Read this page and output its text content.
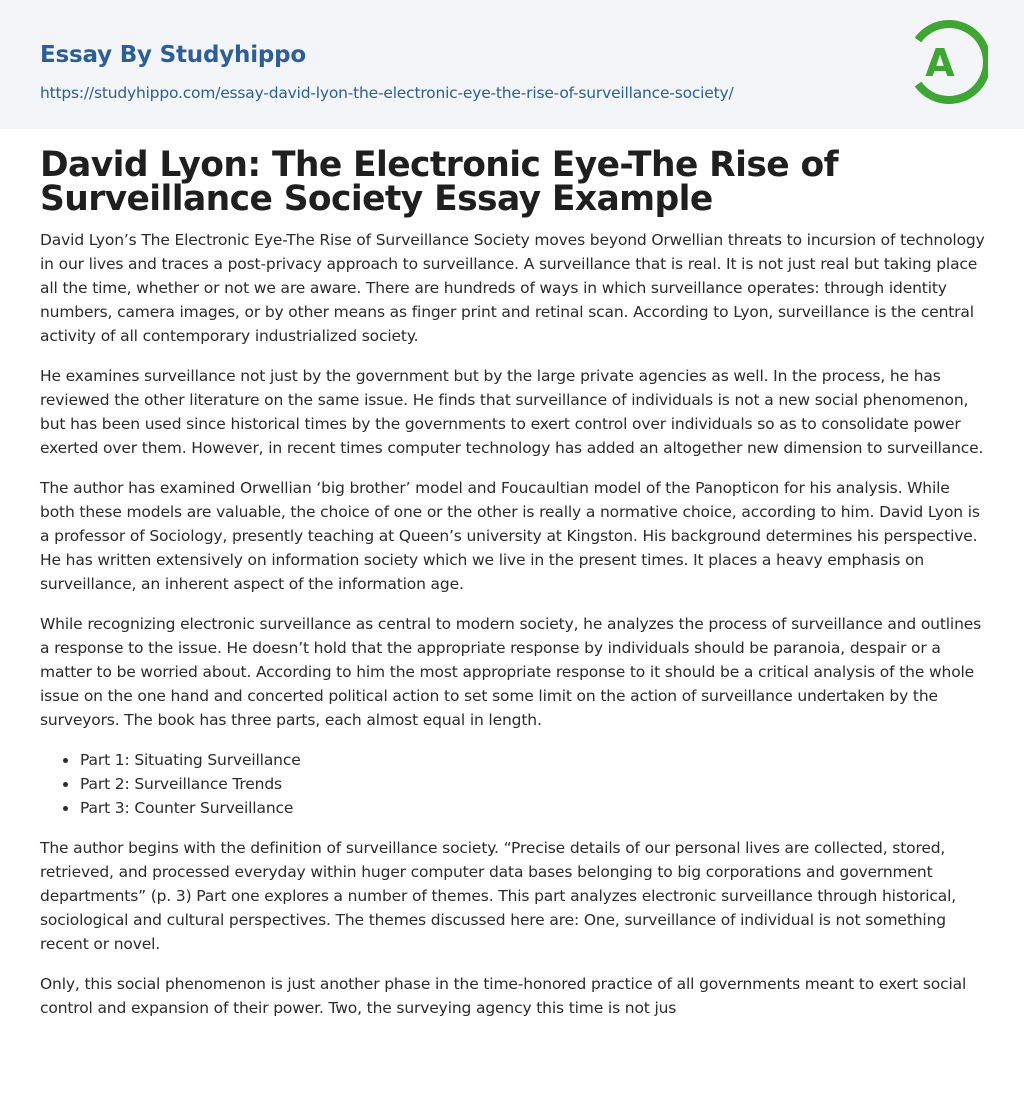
Essay By Studyhippo
https://studyhippo.com/essay-david-lyon-the-electronic-eye-the-rise-of-surveillance-society/
A
David Lyon: The Electronic Eye-The Rise of Surveillance Society Essay Example

David Lyon’s The Electronic Eye-The Rise of Surveillance Society moves beyond Orwellian threats to incursion of technology in our lives and traces a post-privacy approach to surveillance. A surveillance that is real. It is not just real but taking place all the time, whether or not we are aware. There are hundreds of ways in which surveillance operates: through identity numbers, camera images, or by other means as finger print and retinal scan. According to Lyon, surveillance is the central activity of all contemporary industrialized society.

He examines surveillance not just by the government but by the large private agencies as well. In the process, he has reviewed the other literature on the same issue. He finds that surveillance of individuals is not a new social phenomenon, but has been used since historical times by the governments to exert control over individuals so as to consolidate power exerted over them. However, in recent times computer technology has added an altogether new dimension to surveillance.

The author has examined Orwellian ‘big brother’ model and Foucaultian model of the Panopticon for his analysis. While both these models are valuable, the choice of one or the other is really a normative choice, according to him. David Lyon is a professor of Sociology, presently teaching at Queen’s university at Kingston. His background determines his perspective. He has written extensively on information society which we live in the present times. It places a heavy emphasis on surveillance, an inherent aspect of the information age.

While recognizing electronic surveillance as central to modern society, he analyzes the process of surveillance and outlines a response to the issue. He doesn’t hold that the appropriate response by individuals should be paranoia, despair or a matter to be worried about. According to him the most appropriate response to it should be a critical analysis of the whole issue on the one hand and concerted political action to set some limit on the action of surveillance undertaken by the surveyors. The book has three parts, each almost equal in length.

Part 1: Situating Surveillance
Part 2: Surveillance Trends
Part 3: Counter Surveillance

The author begins with the definition of surveillance society. “Precise details of our personal lives are collected, stored, retrieved, and processed everyday within huger computer data bases belonging to big corporations and government departments” (p. 3) Part one explores a number of themes. This part analyzes electronic surveillance through historical, sociological and cultural perspectives. The themes discussed here are: One, surveillance of individual is not something recent or novel.

Only, this social phenomenon is just another phase in the time-honored practice of all governments meant to exert social control and expansion of their power. Two, the surveying agency this time is not jus
